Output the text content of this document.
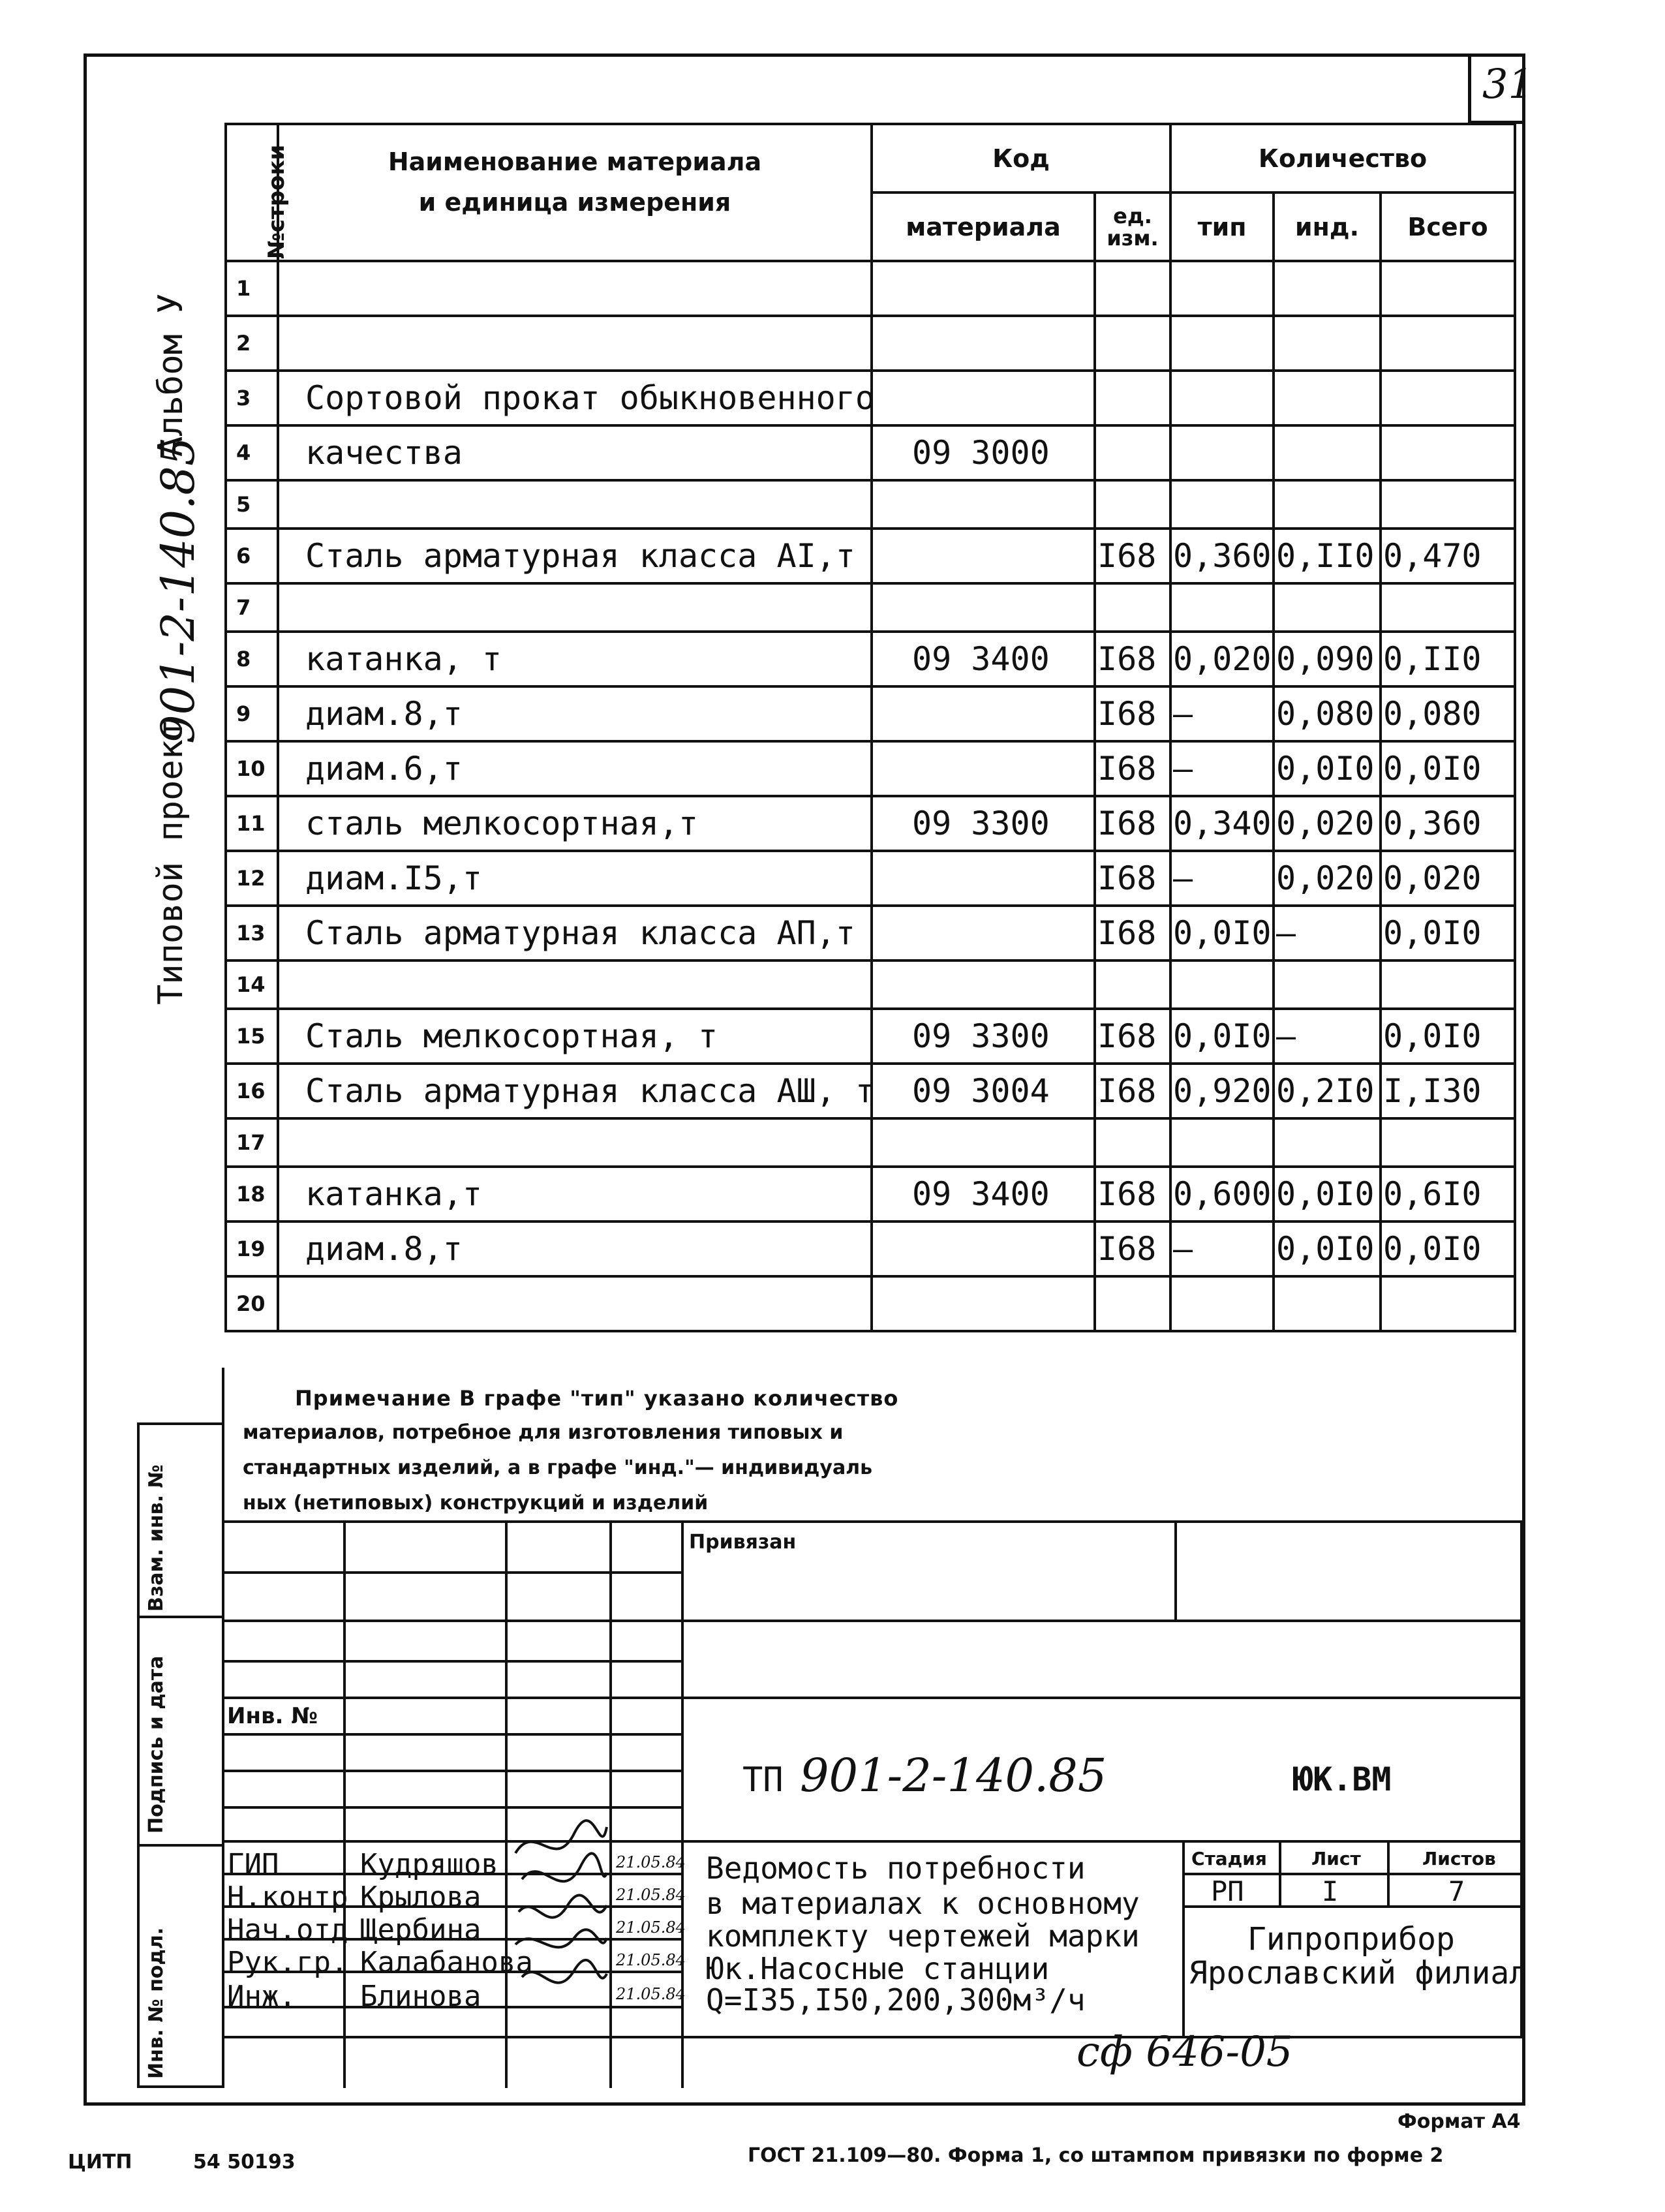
31
Альбом У
901-2-140.85
Типовой проект
№строки	Наименование материала
и единица измерения	Код		Количество		
		материала	ед. изм.	тип	инд.	Всего
1						
2						
3	Сортовой прокат обыкновенного					
4	качества	09 3000				
5						
6	Сталь арматурная класса АI,т		I68	0,360	0,II0	0,470
7						
8	катанка, т	09 3400	I68	0,020	0,090	0,II0
9	диам.8,т		I68	–	0,080	0,080
10	диам.6,т		I68	–	0,0I0	0,0I0
11	сталь мелкосортная,т	09 3300	I68	0,340	0,020	0,360
12	диам.I5,т		I68	–	0,020	0,020
13	Сталь арматурная класса АП,т		I68	0,0I0	–	0,0I0
14						
15	Сталь мелкосортная, т	09 3300	I68	0,0I0	–	0,0I0
16	Сталь арматурная класса АШ, т	09 3004	I68	0,920	0,2I0	I,I30
17						
18	катанка,т	09 3400	I68	0,600	0,0I0	0,6I0
19	диам.8,т		I68	–	0,0I0	0,0I0
20						
Примечание В графе "тип" указано количество
материалов, потребное для изготовления типовых и
стандартных изделий, а в графе "инд."— индивидуаль
ных (нетиповых) конструкций и изделий
Взам. инв. №
Подпись и дата
Инв. № подл.
Привязан
Инв. №
ТП 901-2-140.85	ЮК.ВМ
ГИП	Кудряшов	21.05.84
Н.контр Крылова	21.05.84
Нач.отд Щербина	21.05.84
Рук.гр. Калабанова	21.05.84
Инж. Блинова	21.05.84
Ведомость потребности
в материалах к основному
комплекту чертежей марки
Юк.Насосные станции
Q=I35,I50,200,300м³/ч
Стадия Лист	Листов
РП	I	7
Гипроприбор
Ярославский филиал
сф 646-05
Формат А4
ЦИТП	54 50193	ГОСТ 21.109—80. Форма 1, со штампом привязки по форме 2
